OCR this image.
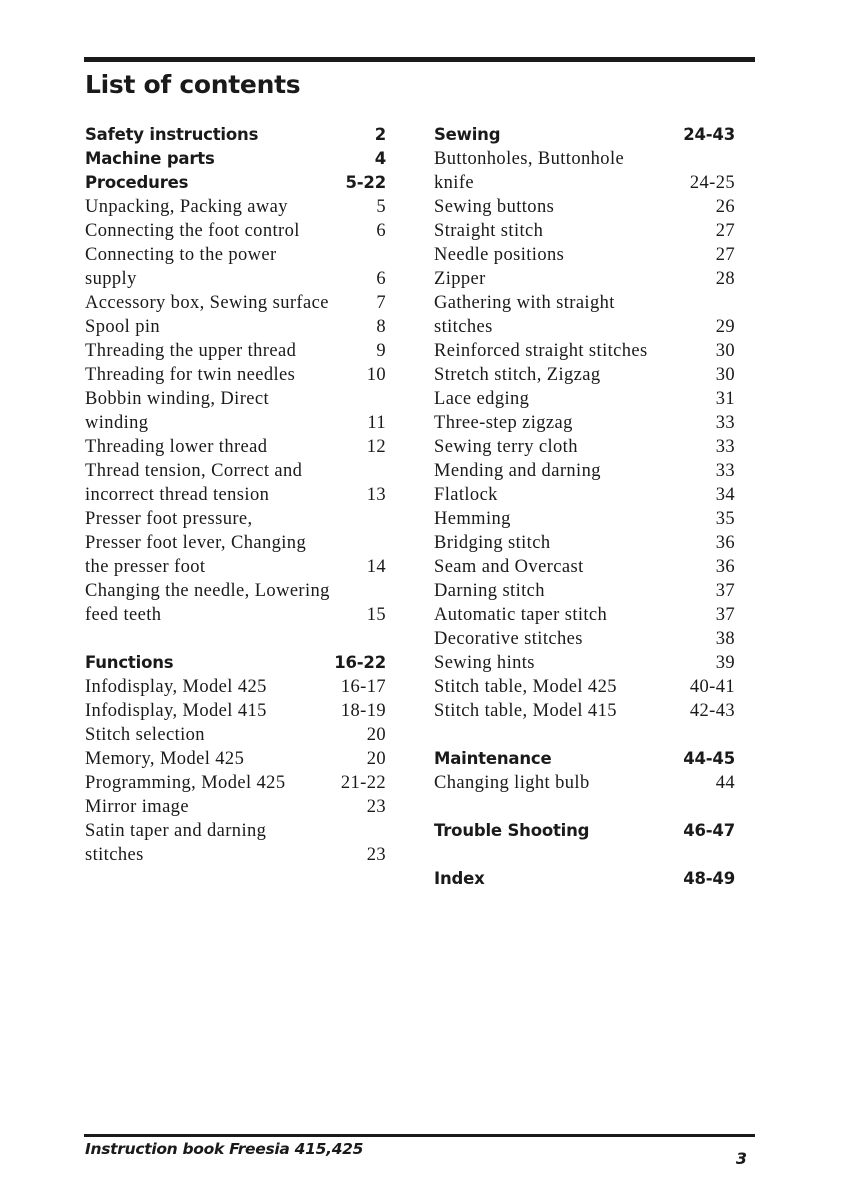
List of contents
Safety instructions	2
Machine parts	4
Procedures	5-22
Unpacking, Packing away	5
Connecting the foot control	6
Connecting to the power
supply	6
Accessory box, Sewing surface	7
Spool pin	8
Threading the upper thread	9
Threading for twin needles	10
Bobbin winding, Direct
winding	11
Threading lower thread	12
Thread tension, Correct and
incorrect thread tension	13
Presser foot pressure,
Presser foot lever, Changing
the presser foot	14
Changing the needle, Lowering
feed teeth	15
Functions	16-22
Infodisplay, Model 425	16-17
Infodisplay, Model 415	18-19
Stitch selection	20
Memory, Model 425	20
Programming, Model 425	21-22
Mirror image	23
Satin taper and darning
stitches	23
Sewing	24-43
Buttonholes, Buttonhole
knife	24-25
Sewing buttons	26
Straight stitch	27
Needle positions	27
Zipper	28
Gathering with straight
stitches	29
Reinforced straight stitches	30
Stretch stitch, Zigzag	30
Lace edging	31
Three-step zigzag	33
Sewing terry cloth	33
Mending and darning	33
Flatlock	34
Hemming	35
Bridging stitch	36
Seam and Overcast	36
Darning stitch	37
Automatic taper stitch	37
Decorative stitches	38
Sewing hints	39
Stitch table, Model 425	40-41
Stitch table, Model 415	42-43
Maintenance	44-45
Changing light bulb	44
Trouble Shooting	46-47
Index	48-49
Instruction book Freesia 415,425	3
